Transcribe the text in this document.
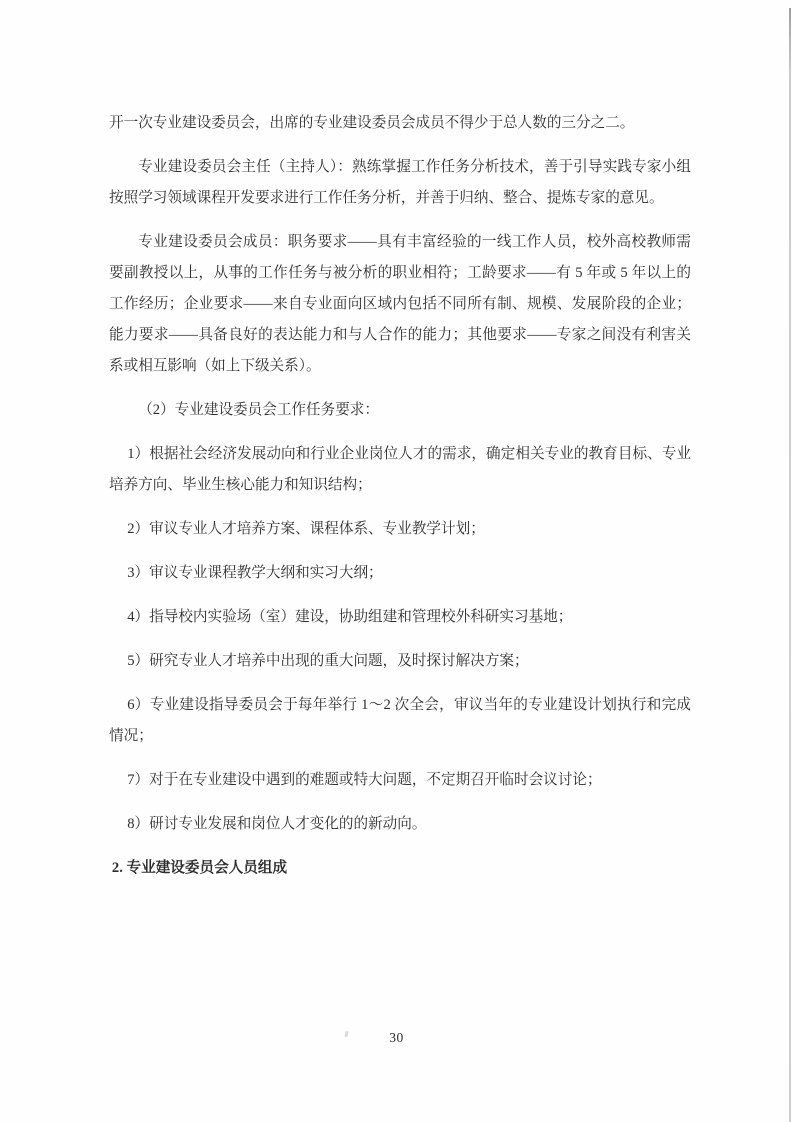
开一次专业建设委员会，出席的专业建设委员会成员不得少于总人数的三分之二。

专业建设委员会主任（主持人）：熟练掌握工作任务分析技术，善于引导实践专家小组按照学习领域课程开发要求进行工作任务分析，并善于归纳、整合、提炼专家的意见。

专业建设委员会成员：职务要求——具有丰富经验的一线工作人员，校外高校教师需要副教授以上，从事的工作任务与被分析的职业相符；工龄要求——有 5 年或 5 年以上的工作经历；企业要求——来自专业面向区域内包括不同所有制、规模、发展阶段的企业；能力要求——具备良好的表达能力和与人合作的能力；其他要求——专家之间没有利害关系或相互影响（如上下级关系）。

（2）专业建设委员会工作任务要求：

1）根据社会经济发展动向和行业企业岗位人才的需求，确定相关专业的教育目标、专业培养方向、毕业生核心能力和知识结构；

2）审议专业人才培养方案、课程体系、专业教学计划；

3）审议专业课程教学大纲和实习大纲；

4）指导校内实验场（室）建设，协助组建和管理校外科研实习基地；

5）研究专业人才培养中出现的重大问题，及时探讨解决方案；

6）专业建设指导委员会于每年举行 1～2 次全会，审议当年的专业建设计划执行和完成情况；

7）对于在专业建设中遇到的难题或特大问题，不定期召开临时会议讨论；

8）研讨专业发展和岗位人才变化的的新动向。

2. 专业建设委员会人员组成

30
